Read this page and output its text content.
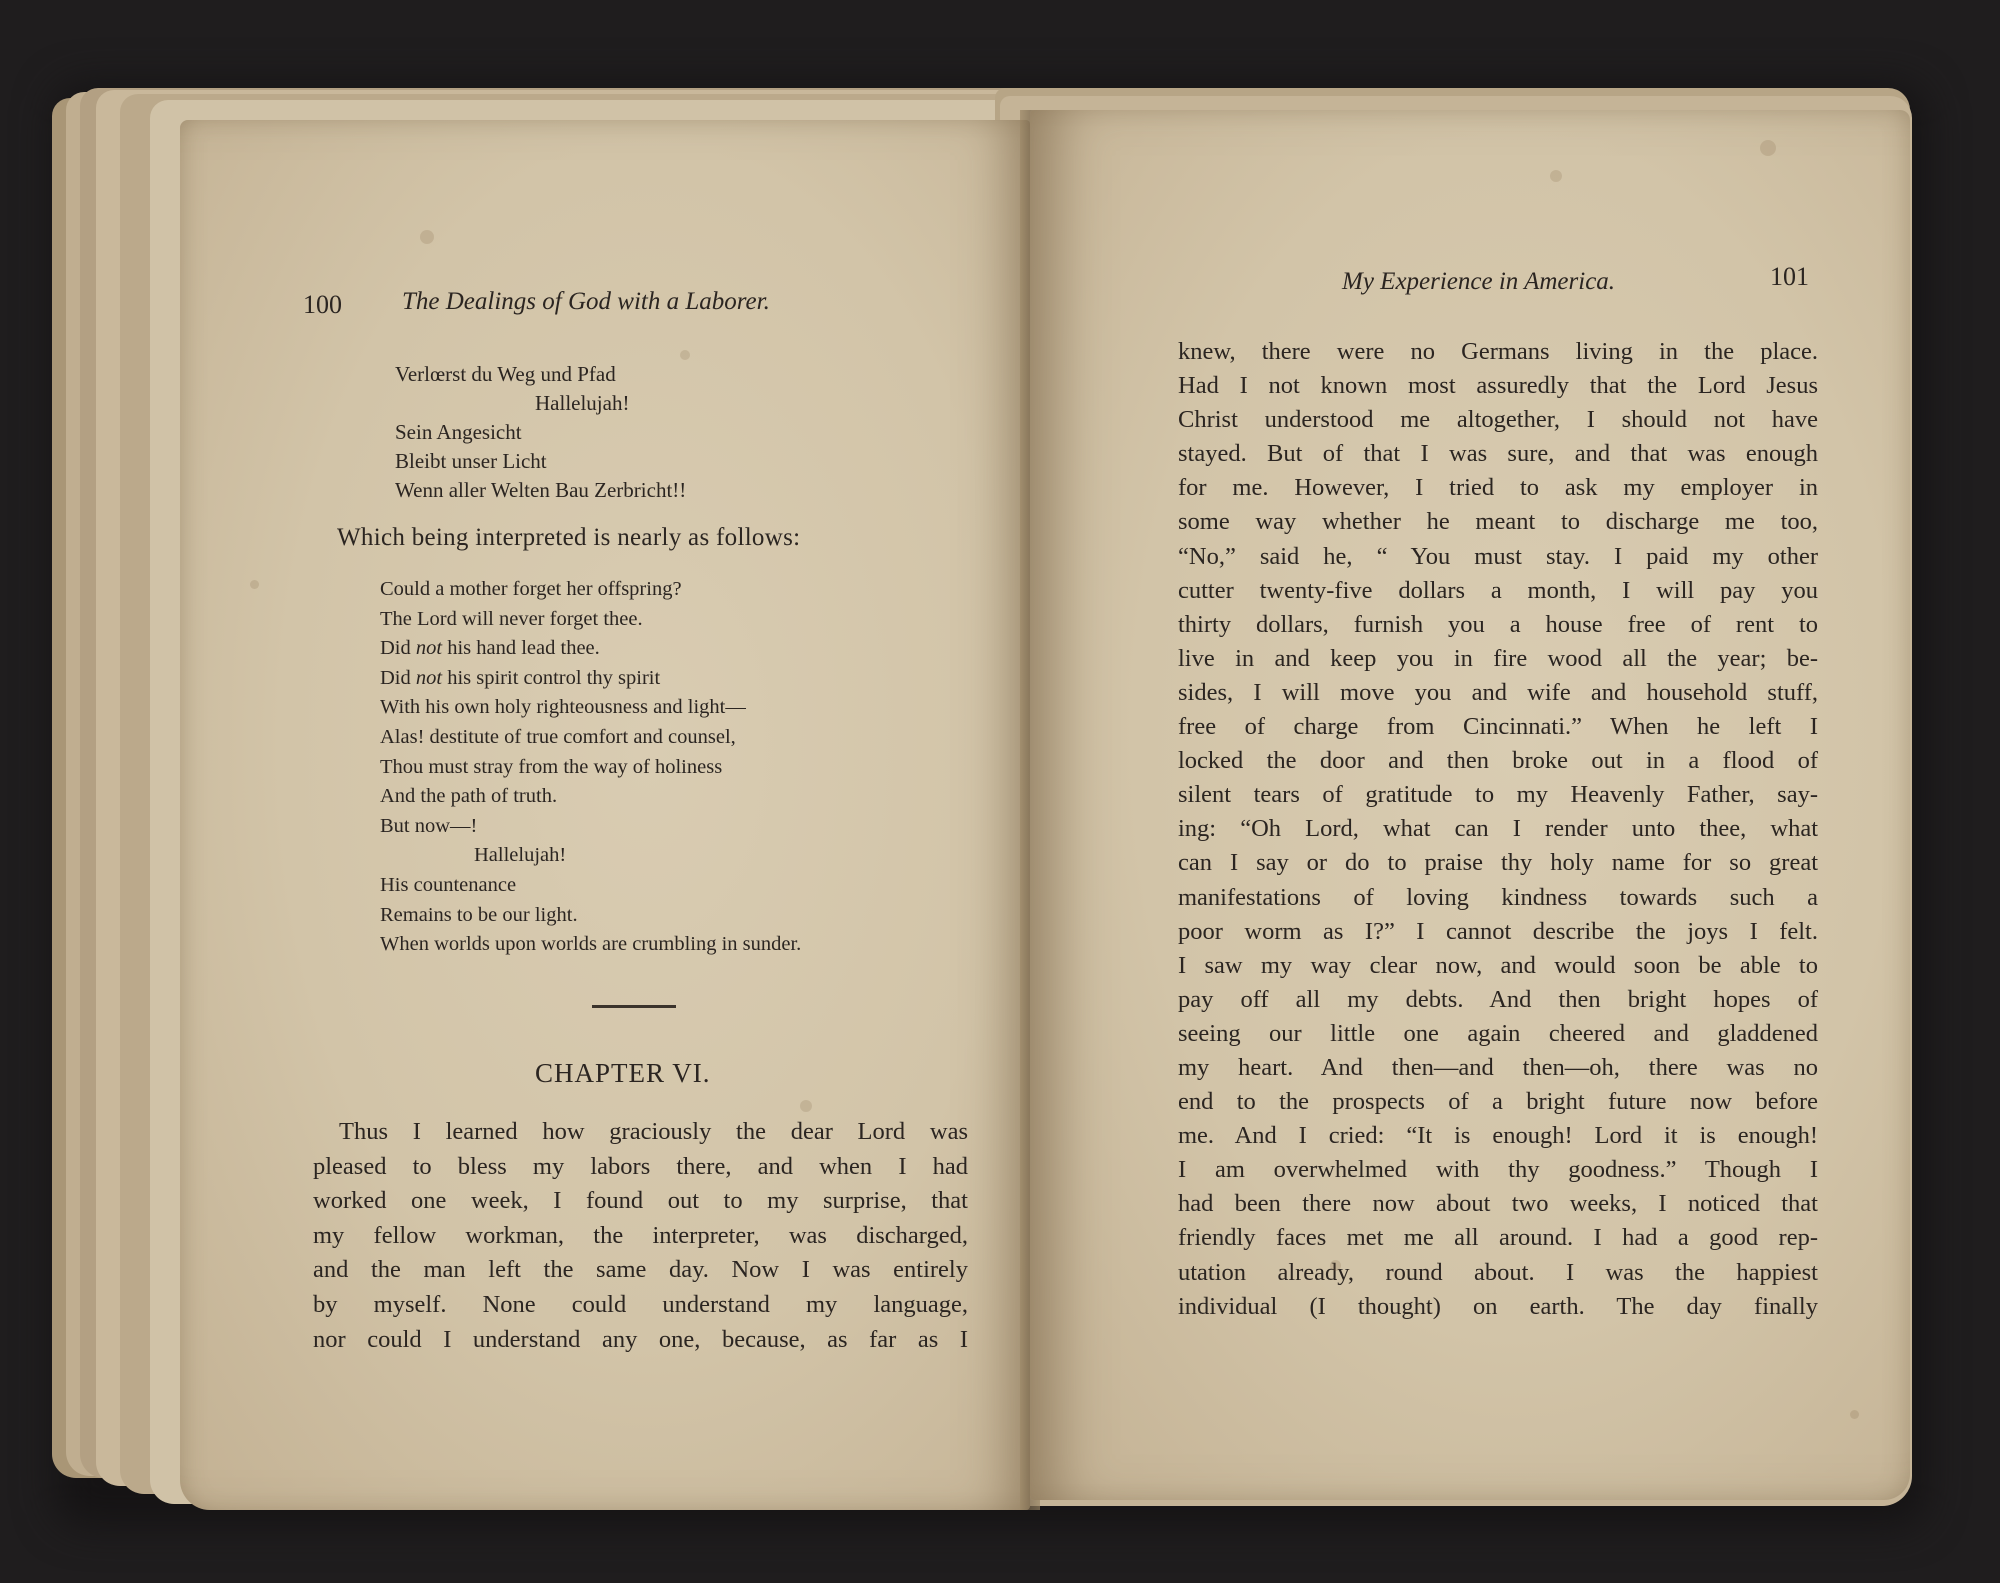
100 The Dealings of God with a Laborer.
Verlœrst du Weg und Pfad
Hallelujah!
Sein Angesicht
Bleibt unser Licht
Wenn aller Welten Bau Zerbricht!!
Which being interpreted is nearly as follows:
Could a mother forget her offspring?
The Lord will never forget thee.
Did not his hand lead thee.
Did not his spirit control thy spirit
With his own holy righteousness and light—
Alas! destitute of true comfort and counsel,
Thou must stray from the way of holiness
And the path of truth.
But now—!
Hallelujah!
His countenance
Remains to be our light.
When worlds upon worlds are crumbling in sunder.
CHAPTER VI.
Thus I learned how graciously the dear Lord was
pleased to bless my labors there, and when I had
worked one week, I found out to my surprise, that
my fellow workman, the interpreter, was discharged,
and the man left the same day. Now I was entirely
by myself. None could understand my language,
nor could I understand any one, because, as far as I
My Experience in America.	101
knew, there were no Germans living in the place.
Had I not known most assuredly that the Lord Jesus
Christ understood me altogether, I should not have
stayed. But of that I was sure, and that was enough
for me. However, I tried to ask my employer in
some way whether he meant to discharge me too,
“No,” said he, “ You must stay. I paid my other
cutter twenty-five dollars a month, I will pay you
thirty dollars, furnish you a house free of rent to
live in and keep you in fire wood all the year; be-
sides, I will move you and wife and household stuff,
free of charge from Cincinnati.” When he left I
locked the door and then broke out in a flood of
silent tears of gratitude to my Heavenly Father, say-
ing: “Oh Lord, what can I render unto thee, what
can I say or do to praise thy holy name for so great
manifestations of loving kindness towards such a
poor worm as I?” I cannot describe the joys I felt.
I saw my way clear now, and would soon be able to
pay off all my debts. And then bright hopes of
seeing our little one again cheered and gladdened
my heart. And then—and then—oh, there was no
end to the prospects of a bright future now before
me. And I cried: “It is enough! Lord it is enough!
I am overwhelmed with thy goodness.” Though I
had been there now about two weeks, I noticed that
friendly faces met me all around. I had a good rep-
utation already, round about. I was the happiest
individual (I thought) on earth. The day finally
